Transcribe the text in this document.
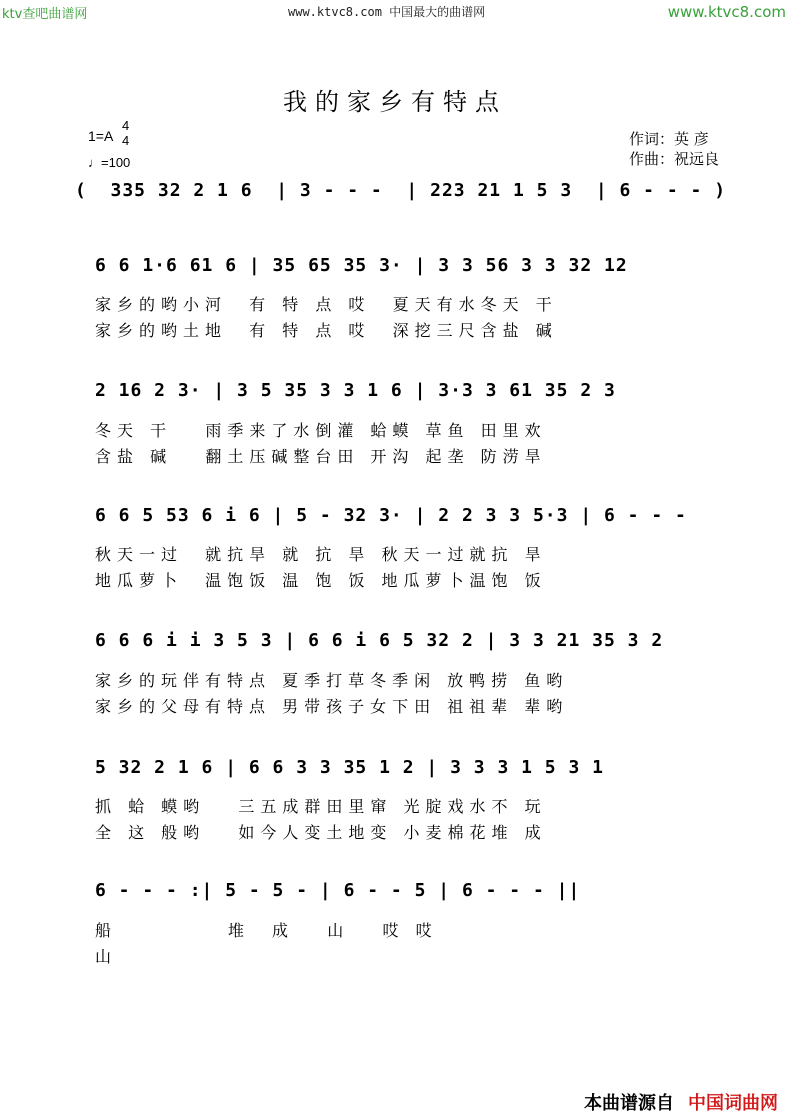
ktv查吧曲谱网	www.ktvc8.com 中国最大的曲谱网	www.ktvc8.com
我的家乡有特点
1=A
4
4
♩=100
作词：英 彦
作曲：祝远良
(  335 32 2 1 6  | 3 - - -  | 223 21 1 5 3  | 6 - - - )
6 6 1·6 61 6 | 35 65 35 3· | 3 3 56 3 3 32 12
家乡的哟小河  有 特 点 哎  夏天有水冬天 干
家乡的哟土地  有 特 点 哎  深挖三尺含盐 碱
2 16 2 3· | 3 5 35 3 3 1 6 | 3·3 3 61 35 2 3
冬天 干   雨季来了水倒灌 蛤蟆 草鱼 田里欢
含盐 碱   翻土压碱整台田 开沟 起垄 防涝旱
6 6 5 53 6 i 6 | 5 - 32 3· | 2 2 3 3 5·3 | 6 - - -
秋天一过  就抗旱 就 抗 旱 秋天一过就抗 旱
地瓜萝卜  温饱饭 温 饱 饭 地瓜萝卜温饱 饭
6 6 6 i i 3 5 3 | 6 6 i 6 5 32 2 | 3 3 21 35 3 2
家乡的玩伴有特点 夏季打草冬季闲 放鸭捞 鱼哟
家乡的父母有特点 男带孩子女下田 祖祖辈 辈哟
5 32 2 1 6 | 6 6 3 3 35 1 2 | 3 3 3 1 5 3 1
抓 蛤 蟆哟   三五成群田里窜 光腚戏水不 玩
全 这 般哟   如今人变土地变 小麦棉花堆 成
6 - - - :| 5 - 5 - | 6 - - 5 | 6 - - - ||
船          堆  成   山   哎 哎
山
本曲谱源自 中国词曲网
